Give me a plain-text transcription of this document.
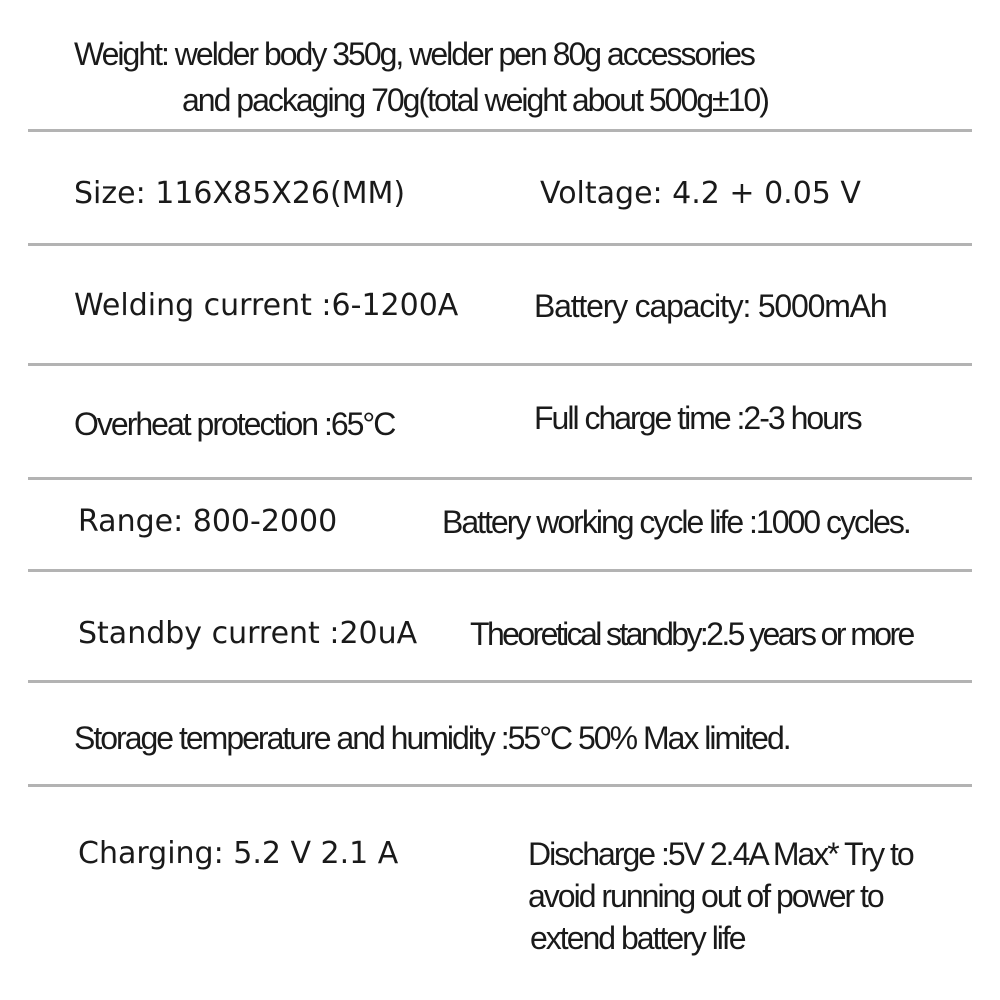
Weight: welder body 350g, welder pen 80g accessories
and packaging 70g(total weight about 500g±10)
Size: 116X85X26(MM)	Voltage: 4.2 + 0.05 V
Welding current :6-1200A Battery capacity: 5000mAh
Overheat protection :65°C	Full charge time :2-3 hours
Range: 800-2000	Battery working cycle life :1000 cycles.
Standby current :20uA Theoretical standby:2.5 years or more
Storage temperature and humidity :55°C 50% Max limited.
Charging: 5.2 V 2.1 A	Discharge :5V 2.4A Max* Try to
avoid running out of power to
extend battery life
